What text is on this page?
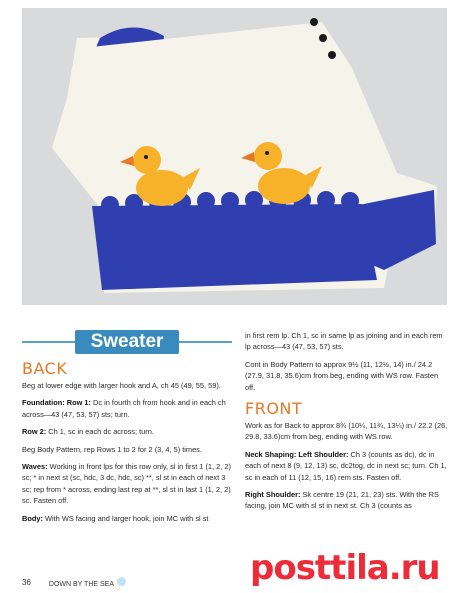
Sweater
BACK

Beg at lower edge with larger hook and A, ch 45 (49, 55, 59).

Foundation: Row 1: Dc in fourth ch from hook and in each ch across—43 (47, 53, 57) sts; turn.

Row 2: Ch 1, sc in each dc across; turn.

Beg Body Pattern, rep Rows 1 to 2 for 2 (3, 4, 5) times.

Waves: Working in front lps for this row only, sl in first 1 (1, 2, 2) sc; * in next st (sc, hdc, 3 dc, hdc, sc) **, sl st in each of next 3 sc; rep from * across, ending last rep at **, sl st in last 1 (1, 2, 2) sc. Fasten off.

Body: With WS facing and larger hook, join MC with sl st

in first rem lp. Ch 1, sc in same lp as joining and in each rem lp across—43 (47, 53, 57) sts.

Cont in Body Pattern to approx 9½ (11, 12½, 14) in./ 24.2 (27.9, 31.8, 35.6)cm from beg, ending with WS row. Fasten off.

FRONT

Work as for Back to approx 8¾ (10¼, 11¾, 13¼) in./ 22.2 (26, 29.8, 33.6)cm from beg, ending with WS row.

Neck Shaping: Left Shoulder: Ch 3 (counts as dc), dc in each of next 8 (9, 12, 13) sc, dc2tog, dc in next sc; turn. Ch 1, sc in each of 11 (12, 15, 16) rem sts. Fasten off.

Right Shoulder: Sk centre 19 (21, 21, 23) sts. With the RS facing, join MC with sl st in next st. Ch 3 (counts as

posttila.ru
36	DOWN BY THE SEA
